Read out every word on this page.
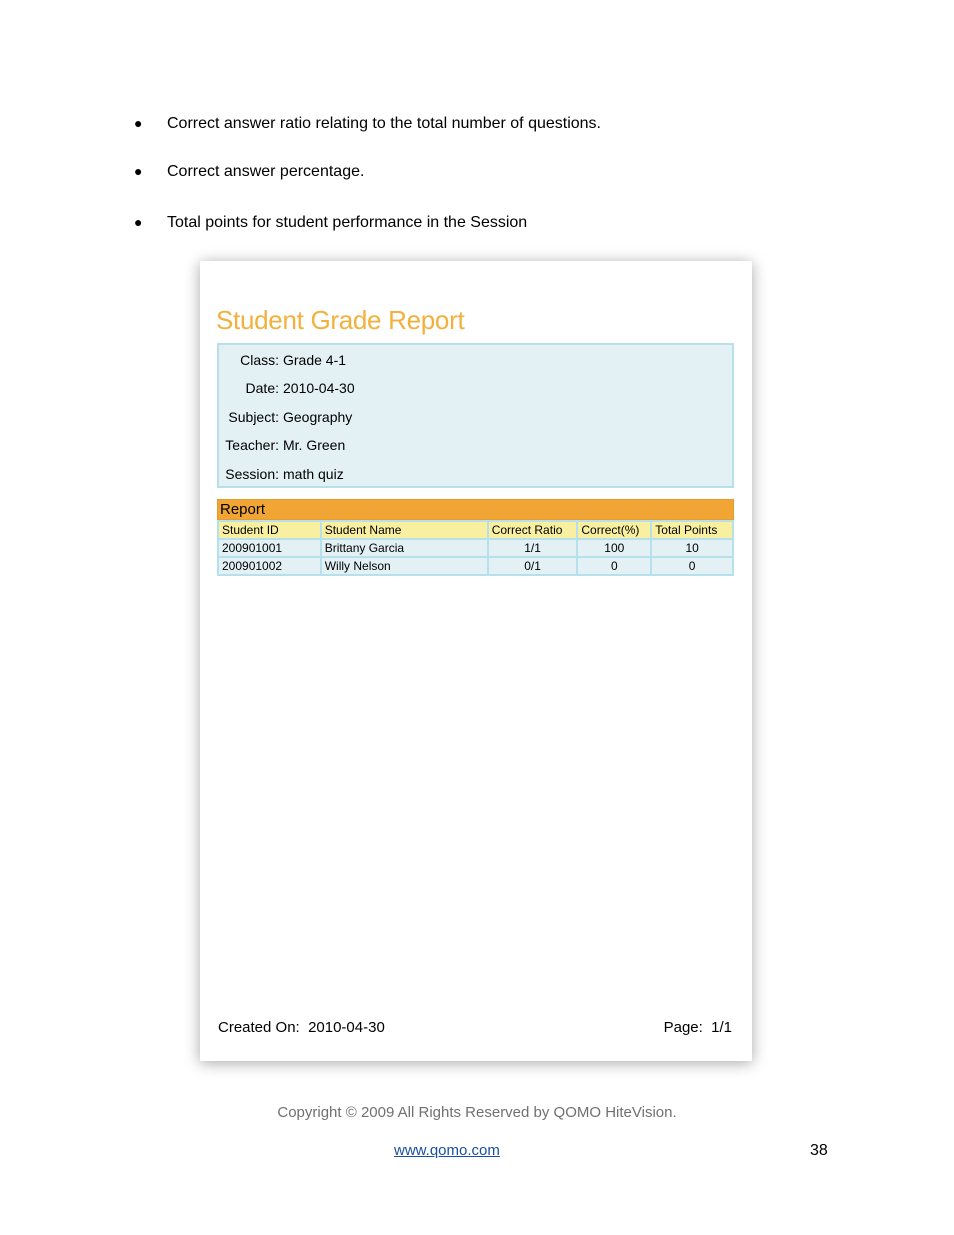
● Correct answer ratio relating to the total number of questions.
● Correct answer percentage.
● Total points for student performance in the Session
Student Grade Report
Class: Grade 4-1
Date: 2010-04-30
Subject: Geography
Teacher: Mr. Green
Session: math quiz
Report
Student ID	Student Name	Correct Ratio	Correct(%)	Total Points
200901001	Brittany Garcia	1/1	100	10
200901002	Willy Nelson	0/1	0	0
Created On: 2010-04-30	Page: 1/1
Copyright © 2009 All Rights Reserved by QOMO HiteVision.
www.qomo.com	38
